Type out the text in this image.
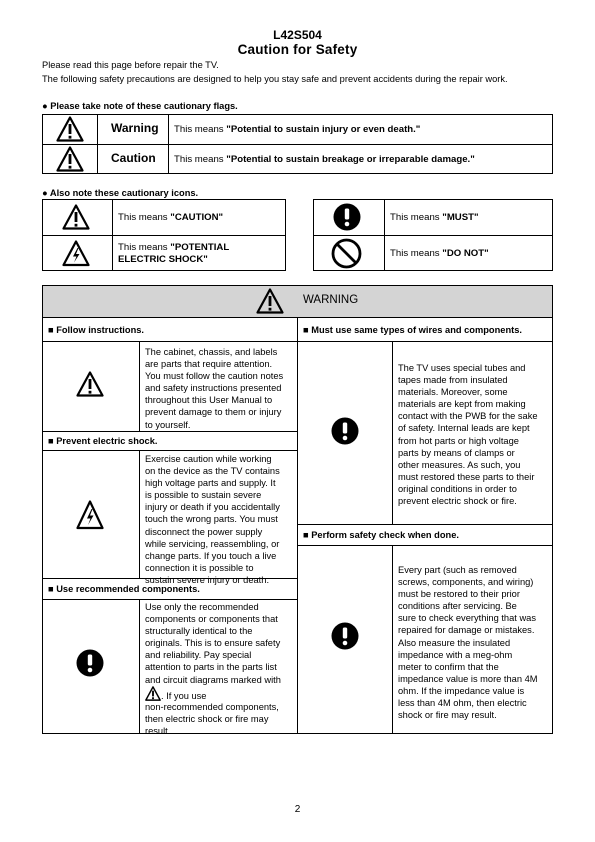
L42S504
Caution for Safety
Please read this page before repair the TV.
The following safety precautions are designed to help you stay safe and prevent accidents during the repair work.
● Please take note of these cautionary flags.
Warning
Caution
This means "Potential to sustain injury or even death."
This means "Potential to sustain breakage or irreparable damage."
● Also note these cautionary icons.
This means "CAUTION"
This means "POTENTIAL
ELECTRIC SHOCK"
This means "MUST"
This means "DO NOT"
WARNING
■ Follow instructions.
The cabinet, chassis, and labels
are parts that require attention.
You must follow the caution notes
and safety instructions presented
throughout this User Manual to
prevent damage to them or injury
to yourself.
■ Prevent electric shock.
Exercise caution while working
on the device as the TV contains
high voltage parts and supply. It
is possible to sustain severe
injury or death if you accidentally
touch the wrong parts. You must
disconnect the power supply
while servicing, reassembling, or
change parts. If you touch a live
connection it is possible to
sustain severe injury or death.
■ Use recommended components.
Use only the recommended
components or components that
structurally identical to the
originals. This is to ensure safety
and reliability. Pay special
attention to parts in the parts list
and circuit diagrams marked with
. If you use
non-recommended components,
then electric shock or fire may
result.
■ Must use same types of wires and components.
The TV uses special tubes and
tapes made from insulated
materials. Moreover, some
materials are kept from making
contact with the PWB for the sake
of safety. Internal leads are kept
from hot parts or high voltage
parts by means of clamps or
other measures. As such, you
must restored these parts to their
original conditions in order to
prevent electric shock or fire.
■ Perform safety check when done.
Every part (such as removed
screws, components, and wiring)
must be restored to their prior
conditions after servicing. Be
sure to check everything that was
repaired for damage or mistakes.
Also measure the insulated
impedance with a meg-ohm
meter to confirm that the
impedance value is more than 4M
ohm. If the impedance value is
less than 4M ohm, then electric
shock or fire may result.
2
